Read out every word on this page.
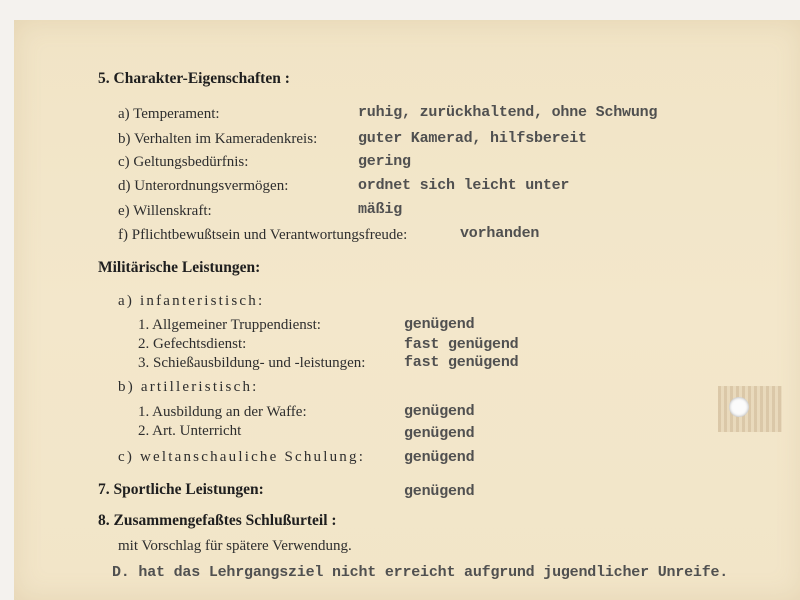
5. Charakter-Eigenschaften :
a) Temperament:	ruhig, zurückhaltend, ohne Schwung
b) Verhalten im Kameradenkreis:	guter Kamerad, hilfsbereit
c) Geltungsbedürfnis:	gering
d) Unterordnungsvermögen:	ordnet sich leicht unter
e) Willenskraft:	mäßig
f) Pflichtbewußtsein und Verantwortungsfreude:	vorhanden
Militärische Leistungen:
a) infanteristisch:
1. Allgemeiner Truppendienst:	genügend
2. Gefechtsdienst:	fast genügend
3. Schießausbildung- und -leistungen:	fast genügend
b) artilleristisch:
1. Ausbildung an der Waffe:	genügend
2. Art. Unterricht	genügend
c) weltanschauliche Schulung:	genügend
7. Sportliche Leistungen:	genügend
8. Zusammengefaßtes Schlußurteil :
mit Vorschlag für spätere Verwendung.
D. hat das Lehrgangsziel nicht erreicht aufgrund jugendlicher Unreife.
